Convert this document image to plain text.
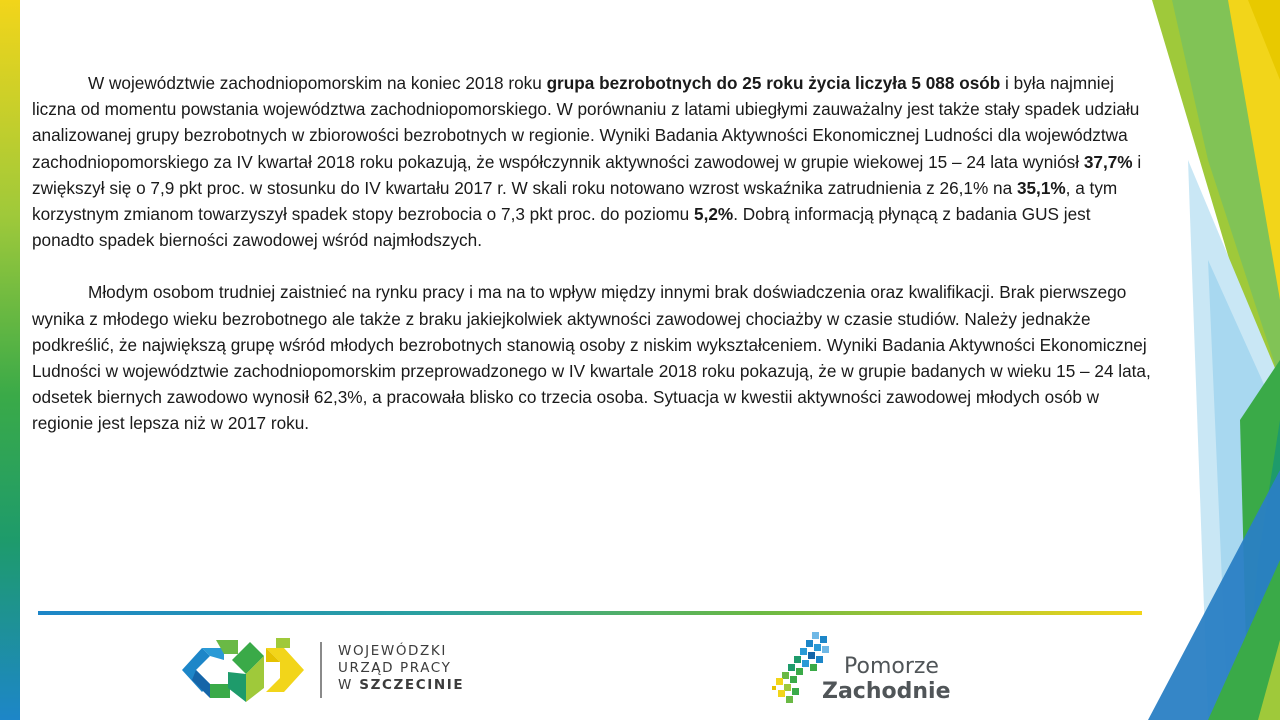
W województwie zachodniopomorskim na koniec 2018 roku grupa bezrobotnych do 25 roku życia liczyła 5 088 osób i była najmniej liczna od momentu powstania województwa zachodniopomorskiego. W porównaniu z latami ubiegłymi zauważalny jest także stały spadek udziału analizowanej grupy bezrobotnych w zbiorowości bezrobotnych w regionie. Wyniki Badania Aktywności Ekonomicznej Ludności dla województwa zachodniopomorskiego za IV kwartał 2018 roku pokazują, że współczynnik aktywności zawodowej w grupie wiekowej 15 – 24 lata wyniósł 37,7% i zwiększył się o 7,9 pkt proc. w stosunku do IV kwartału 2017 r. W skali roku notowano wzrost wskaźnika zatrudnienia z 26,1% na 35,1%, a tym korzystnym zmianom towarzyszył spadek stopy bezrobocia o 7,3 pkt proc. do poziomu 5,2%. Dobrą informacją płynącą z badania GUS jest ponadto spadek bierności zawodowej wśród najmłodszych.

Młodym osobom trudniej zaistnieć na rynku pracy i ma na to wpływ między innymi brak doświadczenia oraz kwalifikacji. Brak pierwszego wynika z młodego wieku bezrobotnego ale także z braku jakiejkolwiek aktywności zawodowej chociażby w czasie studiów. Należy jednakże podkreślić, że największą grupę wśród młodych bezrobotnych stanowią osoby z niskim wykształceniem. Wyniki Badania Aktywności Ekonomicznej Ludności w województwie zachodniopomorskim przeprowadzonego w IV kwartale 2018 roku pokazują, że w grupie badanych w wieku 15 – 24 lata, odsetek biernych zawodowo wynosił 62,3%, a pracowała blisko co trzecia osoba. Sytuacja w kwestii aktywności zawodowej młodych osób w regionie jest lepsza niż w 2017 roku.

WOJEWÓDZKI
URZĄD PRACY
W SZCZECINIE
Pomorze
Zachodnie
